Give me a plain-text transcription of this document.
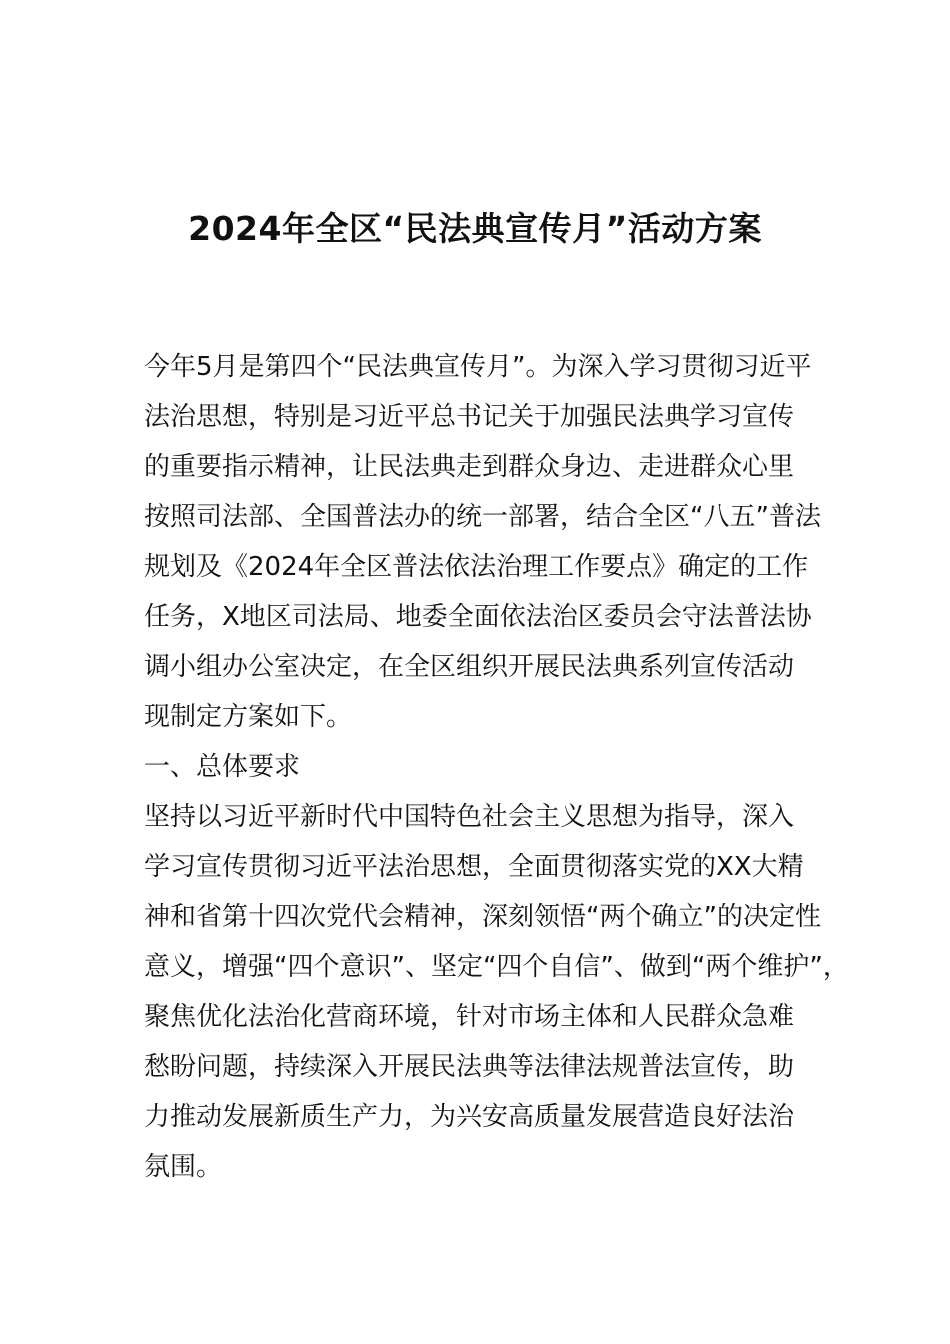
2024年全区“民法典宣传月”活动方案
今年5月是第四个“民法典宣传月”。为深入学习贯彻习近平
法治思想，特别是习近平总书记关于加强民法典学习宣传
的重要指示精神，让民法典走到群众身边、走进群众心里
按照司法部、全国普法办的统一部署，结合全区“八五”普法
规划及《2024年全区普法依法治理工作要点》确定的工作
任务，X地区司法局、地委全面依法治区委员会守法普法协
调小组办公室决定，在全区组织开展民法典系列宣传活动
现制定方案如下。
一、总体要求
坚持以习近平新时代中国特色社会主义思想为指导，深入
学习宣传贯彻习近平法治思想，全面贯彻落实党的XX大精
神和省第十四次党代会精神，深刻领悟“两个确立”的决定性
意义，增强“四个意识”、坚定“四个自信”、做到“两个维护”，
聚焦优化法治化营商环境，针对市场主体和人民群众急难
愁盼问题，持续深入开展民法典等法律法规普法宣传，助
力推动发展新质生产力，为兴安高质量发展营造良好法治
氛围。
